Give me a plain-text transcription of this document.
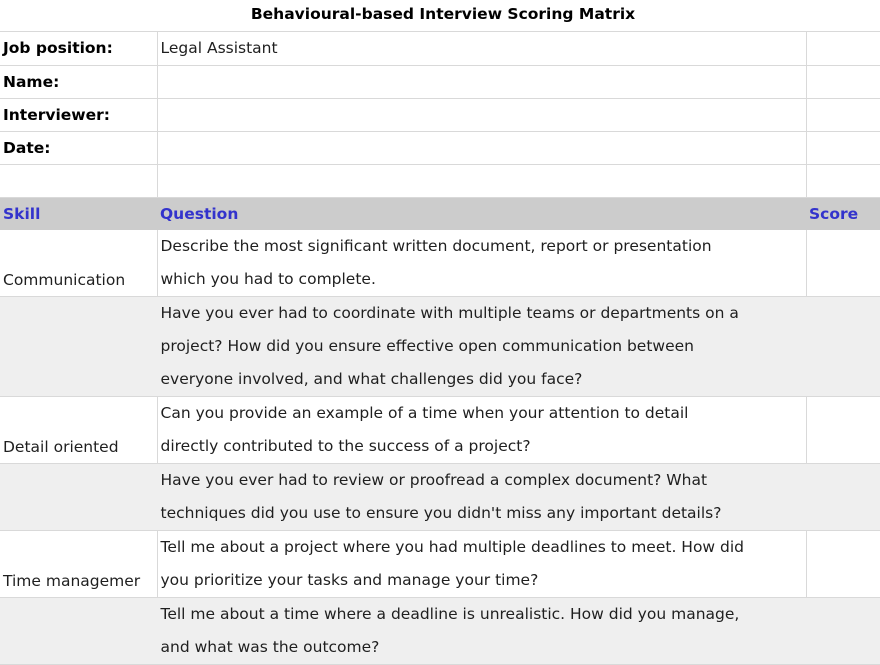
Behavioural-based Interview Scoring Matrix
Job position:	Legal Assistant	
Name:		
Interviewer:		
Date:		

Skill	Question	Score
Communication	Describe the most significant written document, report or presentation
which you had to complete.	

	Have you ever had to coordinate with multiple teams or departments on a
project? How did you ensure effective open communication between
everyone involved, and what challenges did you face?	

Detail oriented	Can you provide an example of a time when your attention to detail
directly contributed to the success of a project?	

	Have you ever had to review or proofread a complex document? What
techniques did you use to ensure you didn't miss any important details?	

Time managemer	Tell me about a project where you had multiple deadlines to meet. How did
you prioritize your tasks and manage your time?	

	Tell me about a time where a deadline is unrealistic. How did you manage,
and what was the outcome?	
